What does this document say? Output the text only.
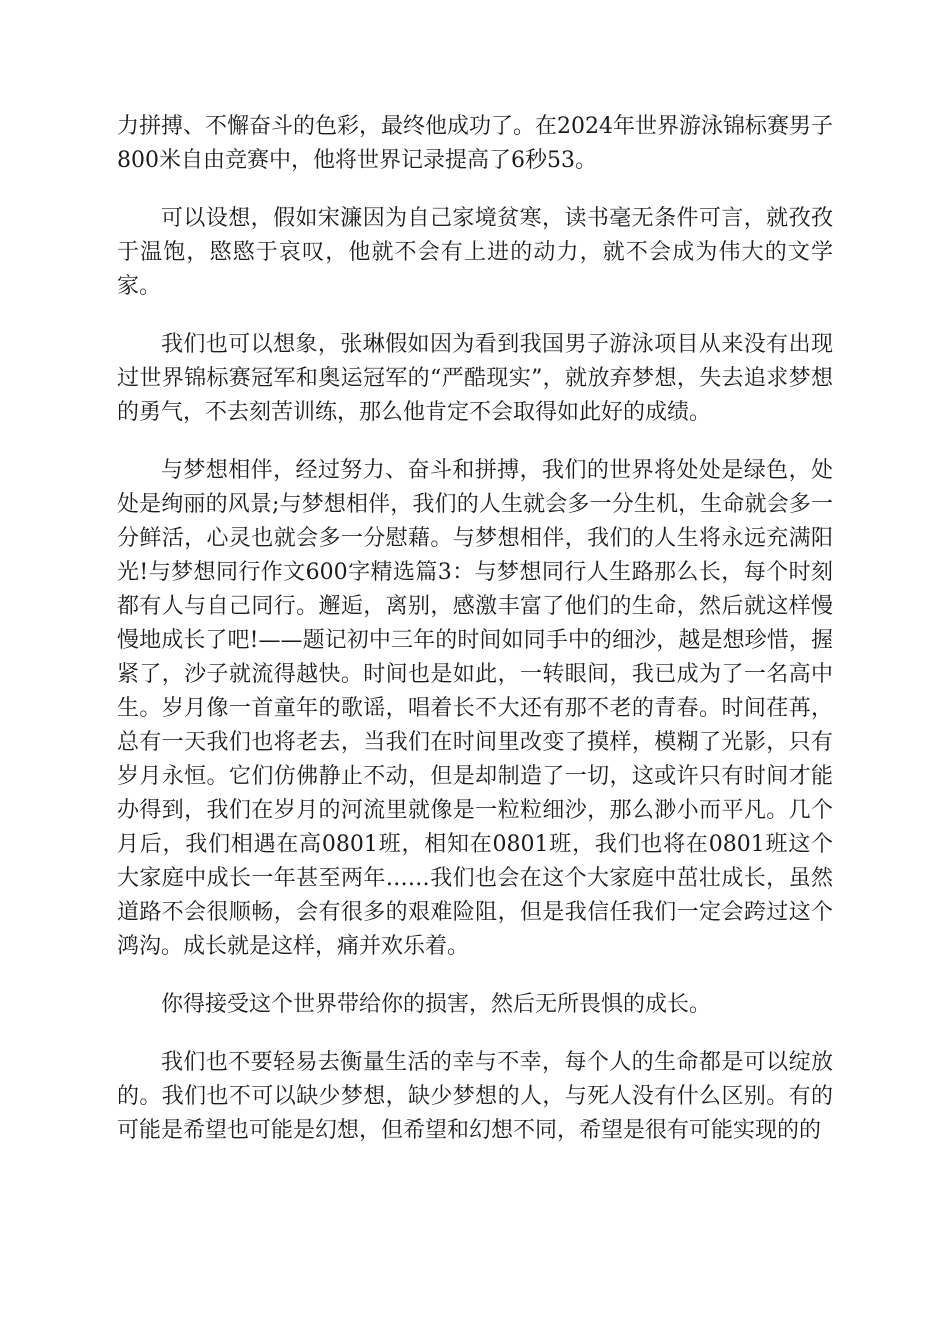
力拼搏、不懈奋斗的色彩，最终他成功了。在2024年世界游泳锦标赛男子800米自由竞赛中，他将世界记录提高了6秒53。

可以设想，假如宋濂因为自己家境贫寒，读书毫无条件可言，就孜孜于温饱，愍愍于哀叹，他就不会有上进的动力，就不会成为伟大的文学家。

我们也可以想象，张琳假如因为看到我国男子游泳项目从来没有出现过世界锦标赛冠军和奥运冠军的“严酷现实”，就放弃梦想，失去追求梦想的勇气，不去刻苦训练，那么他肯定不会取得如此好的成绩。

与梦想相伴，经过努力、奋斗和拼搏，我们的世界将处处是绿色，处处是绚丽的风景;与梦想相伴，我们的人生就会多一分生机，生命就会多一分鲜活，心灵也就会多一分慰藉。与梦想相伴，我们的人生将永远充满阳光!与梦想同行作文600字精选篇3：与梦想同行人生路那么长，每个时刻都有人与自己同行。邂逅，离别，感激丰富了他们的生命，然后就这样慢慢地成长了吧!——题记初中三年的时间如同手中的细沙，越是想珍惜，握紧了，沙子就流得越快。时间也是如此，一转眼间，我已成为了一名高中生。岁月像一首童年的歌谣，唱着长不大还有那不老的青春。时间荏苒，总有一天我们也将老去，当我们在时间里改变了摸样，模糊了光影，只有岁月永恒。它们仿佛静止不动，但是却制造了一切，这或许只有时间才能办得到，我们在岁月的河流里就像是一粒粒细沙，那么渺小而平凡。几个月后，我们相遇在高0801班，相知在0801班，我们也将在0801班这个大家庭中成长一年甚至两年……我们也会在这个大家庭中茁壮成长，虽然道路不会很顺畅，会有很多的艰难险阻，但是我信任我们一定会跨过这个鸿沟。成长就是这样，痛并欢乐着。

你得接受这个世界带给你的损害，然后无所畏惧的成长。

我们也不要轻易去衡量生活的幸与不幸，每个人的生命都是可以绽放的。我们也不可以缺少梦想，缺少梦想的人，与死人没有什么区别。有的可能是希望也可能是幻想，但希望和幻想不同，希望是很有可能实现的的
